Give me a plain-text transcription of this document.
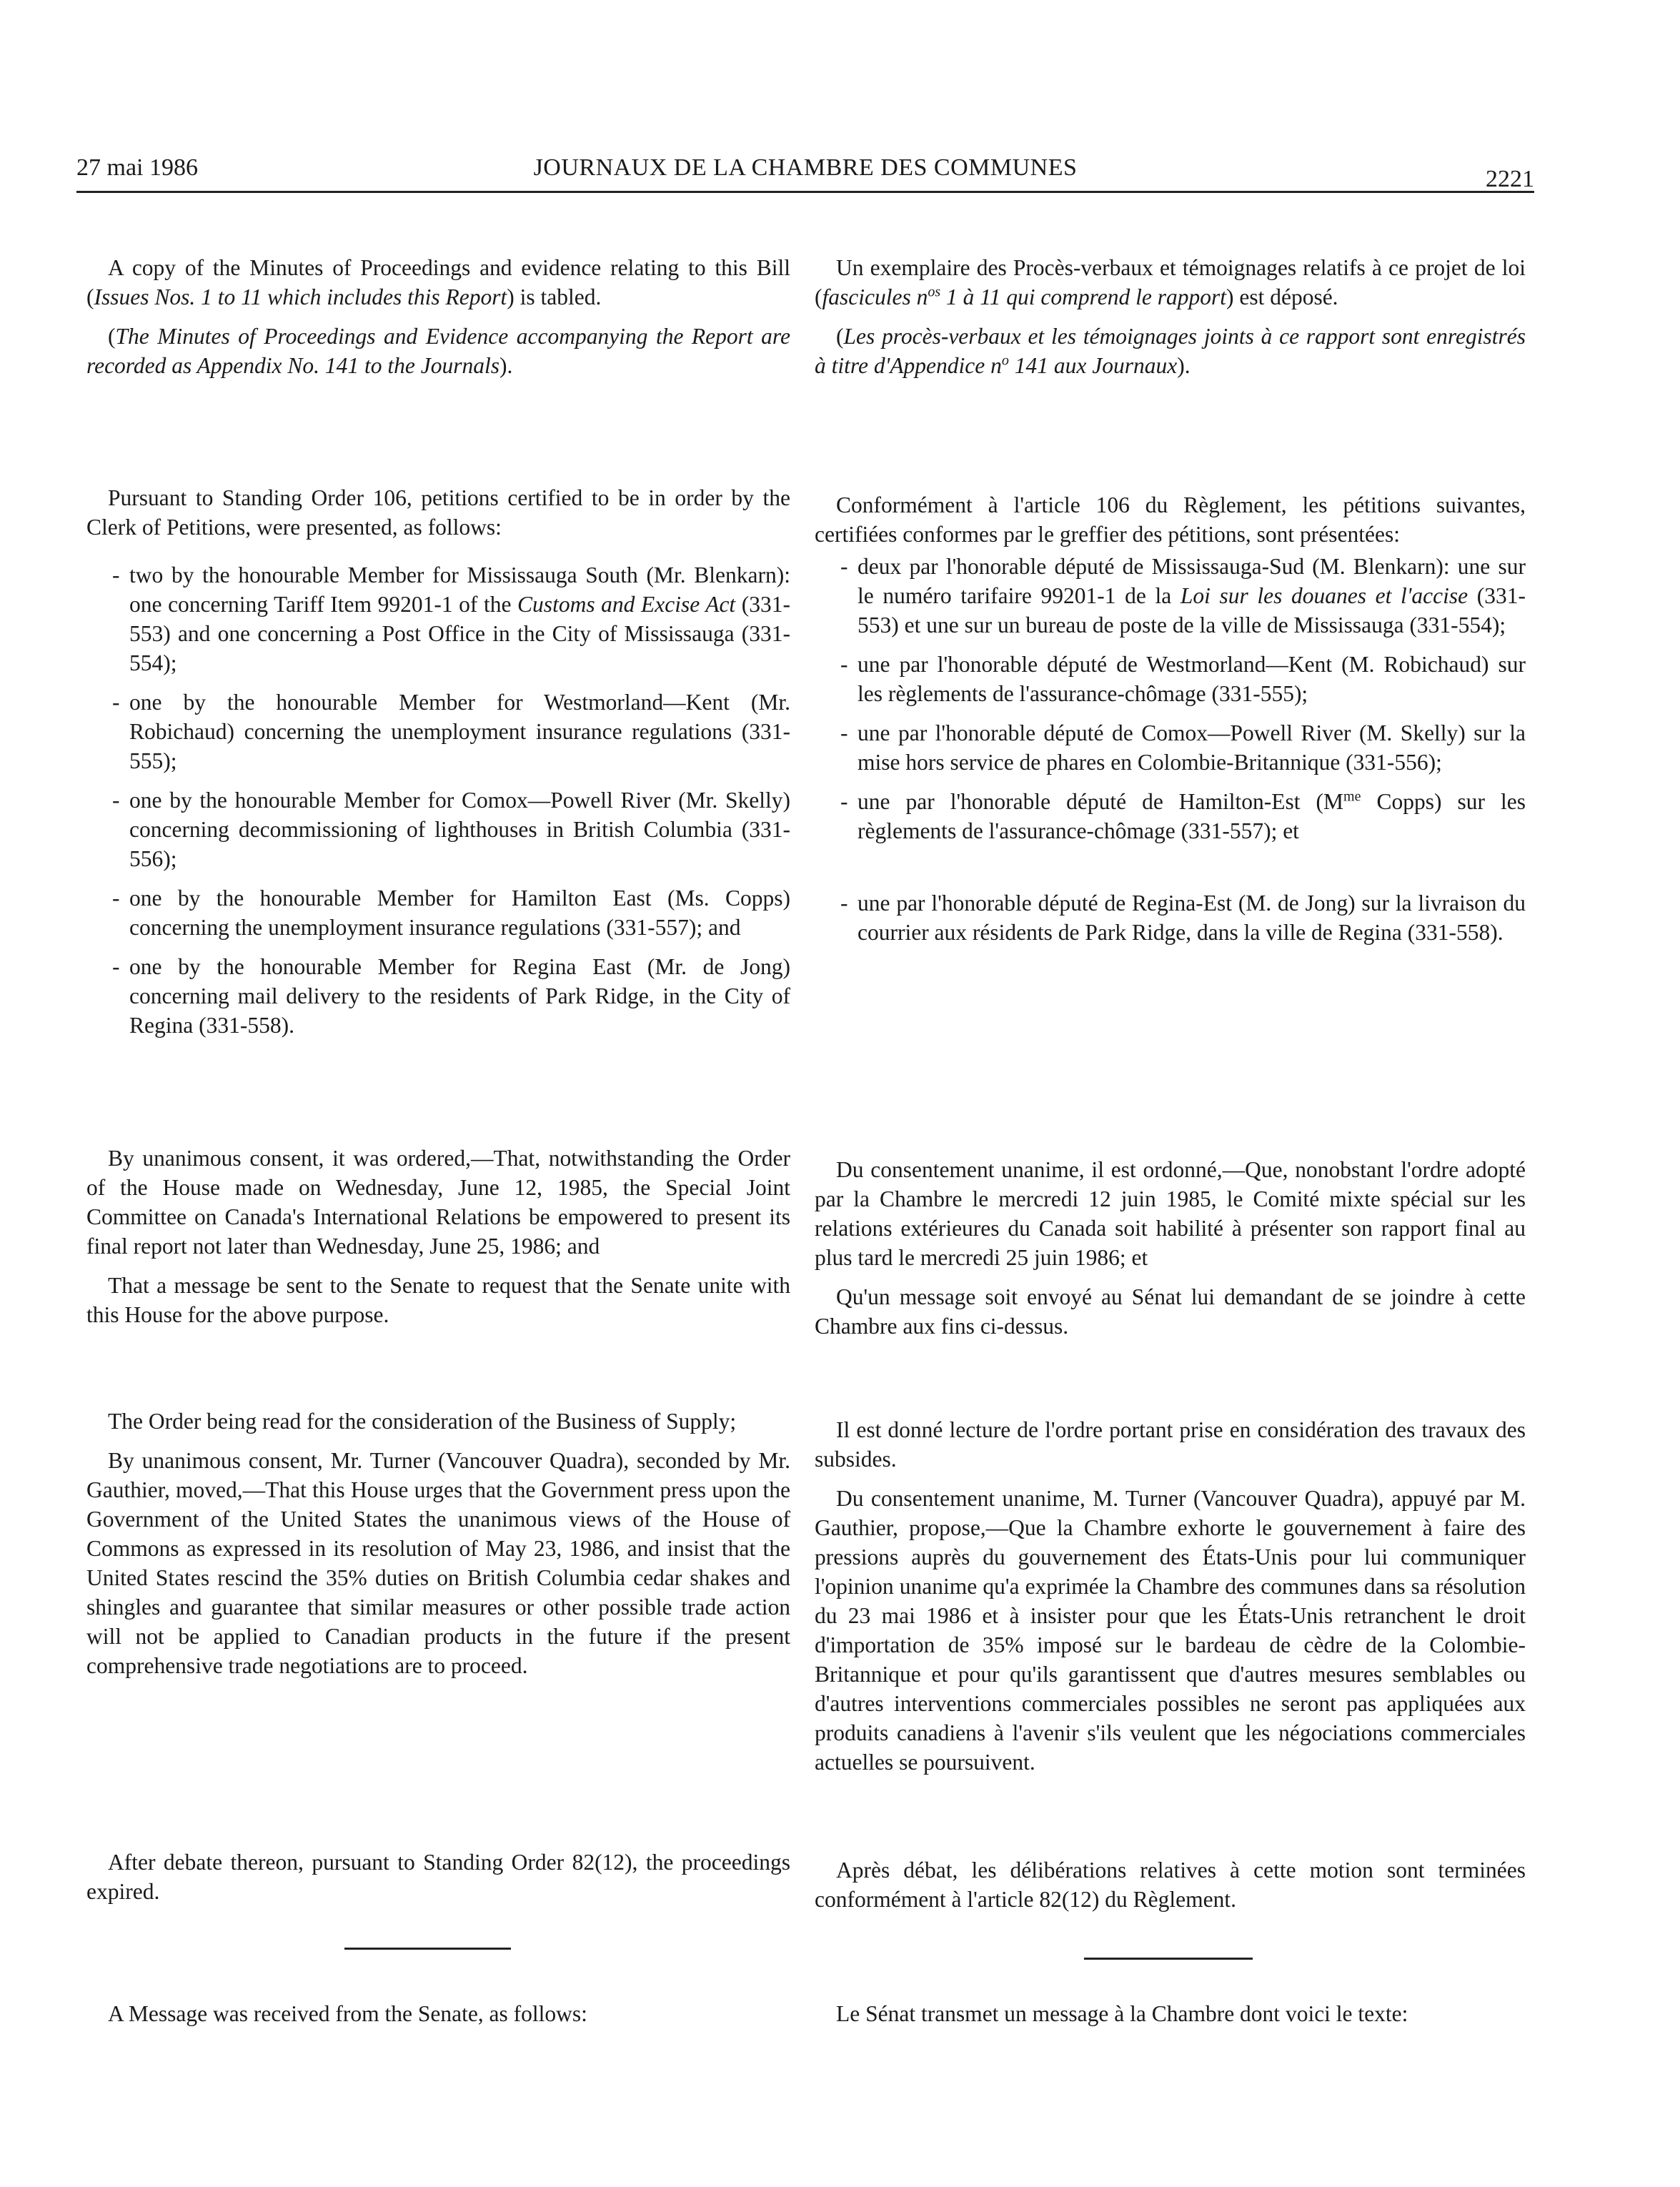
27 mai 1986	JOURNAUX DE LA CHAMBRE DES COMMUNES	2221

A copy of the Minutes of Proceedings and evidence relating to this Bill (Issues Nos. 1 to 11 which includes this Report) is tabled.

(The Minutes of Proceedings and Evidence accompanying the Report are recorded as Appendix No. 141 to the Journals).

Pursuant to Standing Order 106, petitions certified to be in order by the Clerk of Petitions, were presented, as follows:

- two by the honourable Member for Mississauga South (Mr. Blenkarn): one concerning Tariff Item 99201-1 of the Customs and Excise Act (331-553) and one concerning a Post Office in the City of Mississauga (331-554);
- one by the honourable Member for Westmorland—Kent (Mr. Robichaud) concerning the unemployment insurance regulations (331-555);
- one by the honourable Member for Comox—Powell River (Mr. Skelly) concerning decommissioning of lighthouses in British Columbia (331-556);
- one by the honourable Member for Hamilton East (Ms. Copps) concerning the unemployment insurance regulations (331-557); and
- one by the honourable Member for Regina East (Mr. de Jong) concerning mail delivery to the residents of Park Ridge, in the City of Regina (331-558).

By unanimous consent, it was ordered,—That, notwithstanding the Order of the House made on Wednesday, June 12, 1985, the Special Joint Committee on Canada's International Relations be empowered to present its final report not later than Wednesday, June 25, 1986; and

That a message be sent to the Senate to request that the Senate unite with this House for the above purpose.

The Order being read for the consideration of the Business of Supply;

By unanimous consent, Mr. Turner (Vancouver Quadra), seconded by Mr. Gauthier, moved,—That this House urges that the Government press upon the Government of the United States the unanimous views of the House of Commons as expressed in its resolution of May 23, 1986, and insist that the United States rescind the 35% duties on British Columbia cedar shakes and shingles and guarantee that similar measures or other possible trade action will not be applied to Canadian products in the future if the present comprehensive trade negotiations are to proceed.

After debate thereon, pursuant to Standing Order 82(12), the proceedings expired.

A Message was received from the Senate, as follows:

Un exemplaire des Procès-verbaux et témoignages relatifs à ce projet de loi (fascicules $n^{os}$ 1 à 11 qui comprend le rapport) est déposé.

(Les procès-verbaux et les témoignages joints à ce rapport sont enregistrés à titre d'Appendice $n^o$ 141 aux Journaux).

Conformément à l'article 106 du Règlement, les pétitions suivantes, certifiées conformes par le greffier des pétitions, sont présentées:

- deux par l'honorable député de Mississauga-Sud (M. Blenkarn): une sur le numéro tarifaire 99201-1 de la Loi sur les douanes et l'accise (331-553) et une sur un bureau de poste de la ville de Mississauga (331-554);
- une par l'honorable député de Westmorland—Kent (M. Robichaud) sur les règlements de l'assurance-chômage (331-555);
- une par l'honorable député de Comox—Powell River (M. Skelly) sur la mise hors service de phares en Colombie-Britannique (331-556);
- une par l'honorable député de Hamilton-Est ($M^{me}$ Copps) sur les règlements de l'assurance-chômage (331-557); et
- une par l'honorable député de Regina-Est (M. de Jong) sur la livraison du courrier aux résidents de Park Ridge, dans la ville de Regina (331-558).

Du consentement unanime, il est ordonné,—Que, nonobstant l'ordre adopté par la Chambre le mercredi 12 juin 1985, le Comité mixte spécial sur les relations extérieures du Canada soit habilité à présenter son rapport final au plus tard le mercredi 25 juin 1986; et

Qu'un message soit envoyé au Sénat lui demandant de se joindre à cette Chambre aux fins ci-dessus.

Il est donné lecture de l'ordre portant prise en considération des travaux des subsides.

Du consentement unanime, M. Turner (Vancouver Quadra), appuyé par M. Gauthier, propose,—Que la Chambre exhorte le gouvernement à faire des pressions auprès du gouvernement des États-Unis pour lui communiquer l'opinion unanime qu'a exprimée la Chambre des communes dans sa résolution du 23 mai 1986 et à insister pour que les États-Unis retranchent le droit d'importation de 35% imposé sur le bardeau de cèdre de la Colombie-Britannique et pour qu'ils garantissent que d'autres mesures semblables ou d'autres interventions commerciales possibles ne seront pas appliquées aux produits canadiens à l'avenir s'ils veulent que les négociations commerciales actuelles se poursuivent.

Après débat, les délibérations relatives à cette motion sont terminées conformément à l'article 82(12) du Règlement.

Le Sénat transmet un message à la Chambre dont voici le texte:
